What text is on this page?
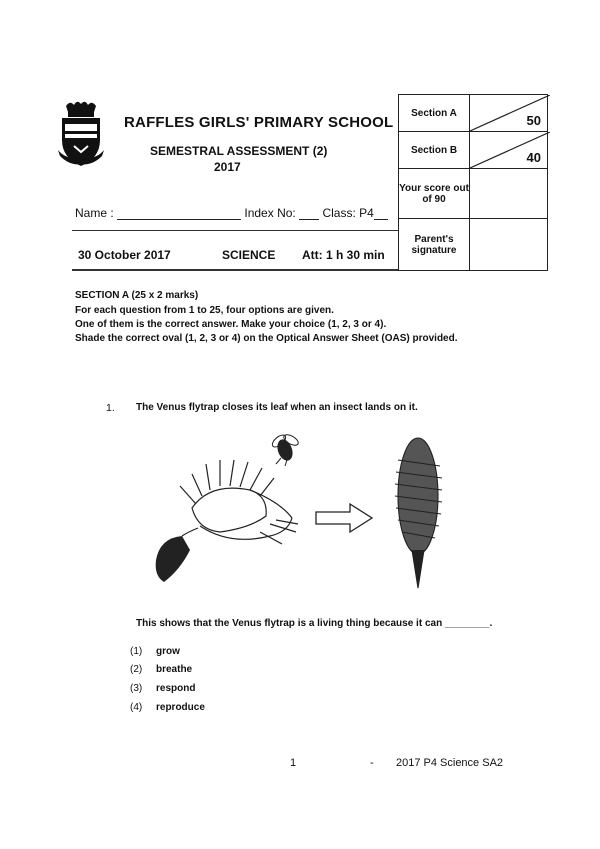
RAFFLES GIRLS' PRIMARY SCHOOL
SEMESTRAL ASSESSMENT (2)
2017
Name :	Index No: Class: P4
30 October 2017	SCIENCE Att: 1 h 30 min
Section A	50

Section B	40

Your score out of 90	
Parent's signature	
SECTION A (25 x 2 marks)
For each question from 1 to 25, four options are given.
One of them is the correct answer. Make your choice (1, 2, 3 or 4).
Shade the correct oval (1, 2, 3 or 4) on the Optical Answer Sheet (OAS) provided.
1. The Venus flytrap closes its leaf when an insect lands on it.
This shows that the Venus flytrap is a living thing because it can ________.
(1) grow
(2) breathe
(3) respond
(4) reproduce
1	- 2017 P4 Science SA2
